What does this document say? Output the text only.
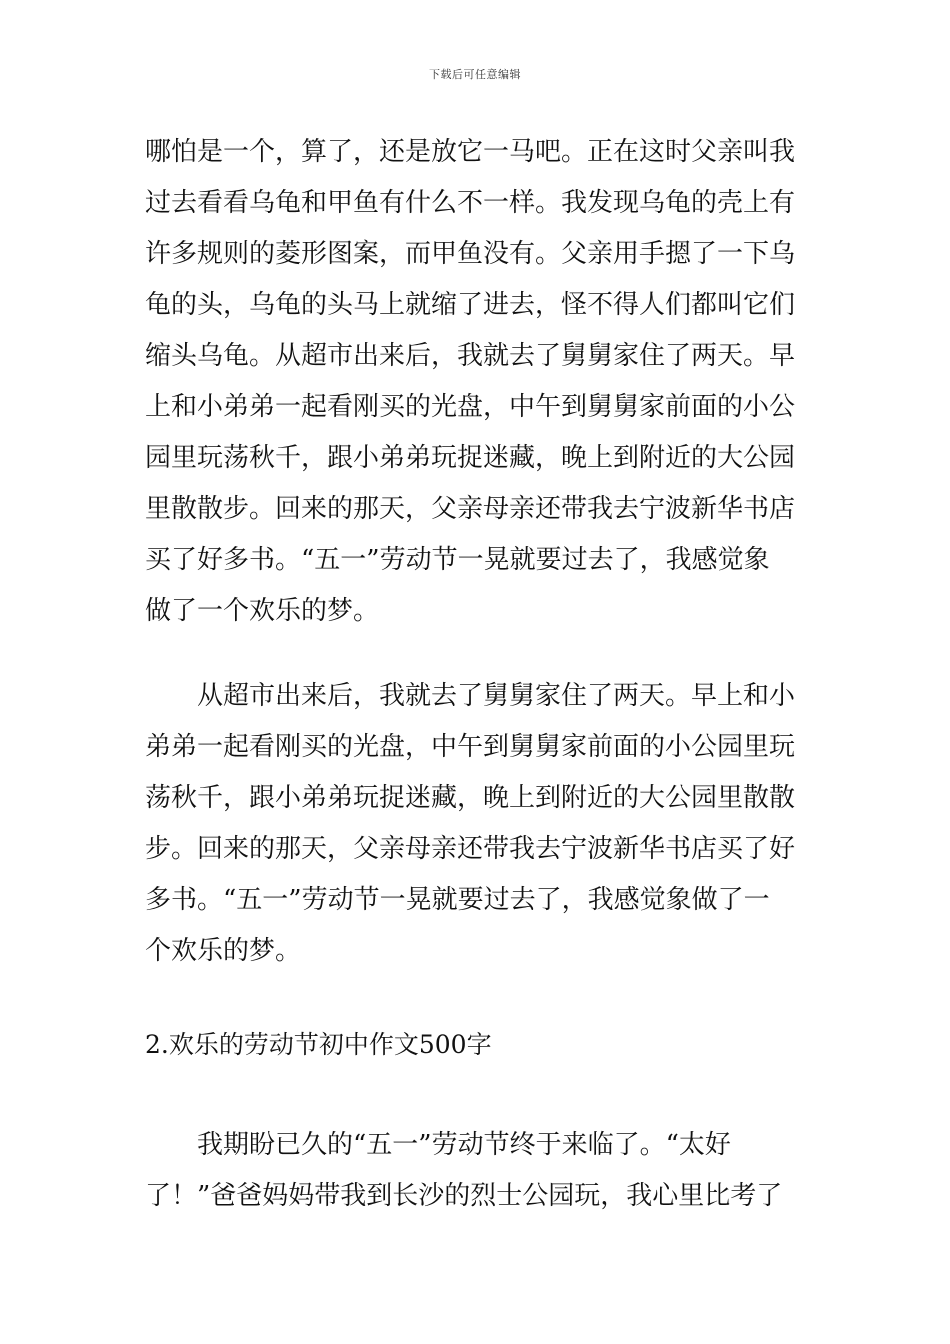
下载后可任意编辑
哪怕是一个，算了，还是放它一马吧。正在这时父亲叫我
过去看看乌龟和甲鱼有什么不一样。我发现乌龟的壳上有
许多规则的菱形图案，而甲鱼没有。父亲用手摁了一下乌
龟的头，乌龟的头马上就缩了进去，怪不得人们都叫它们
缩头乌龟。从超市出来后，我就去了舅舅家住了两天。早
上和小弟弟一起看刚买的光盘，中午到舅舅家前面的小公
园里玩荡秋千，跟小弟弟玩捉迷藏，晚上到附近的大公园
里散散步。回来的那天，父亲母亲还带我去宁波新华书店
买了好多书。“五一”劳动节一晃就要过去了，我感觉象
做了一个欢乐的梦。
从超市出来后，我就去了舅舅家住了两天。早上和小
弟弟一起看刚买的光盘，中午到舅舅家前面的小公园里玩
荡秋千，跟小弟弟玩捉迷藏，晚上到附近的大公园里散散
步。回来的那天，父亲母亲还带我去宁波新华书店买了好
多书。“五一”劳动节一晃就要过去了，我感觉象做了一
个欢乐的梦。
2.欢乐的劳动节初中作文500字
我期盼已久的“五一”劳动节终于来临了。“太好
了！”爸爸妈妈带我到长沙的烈士公园玩，我心里比考了
